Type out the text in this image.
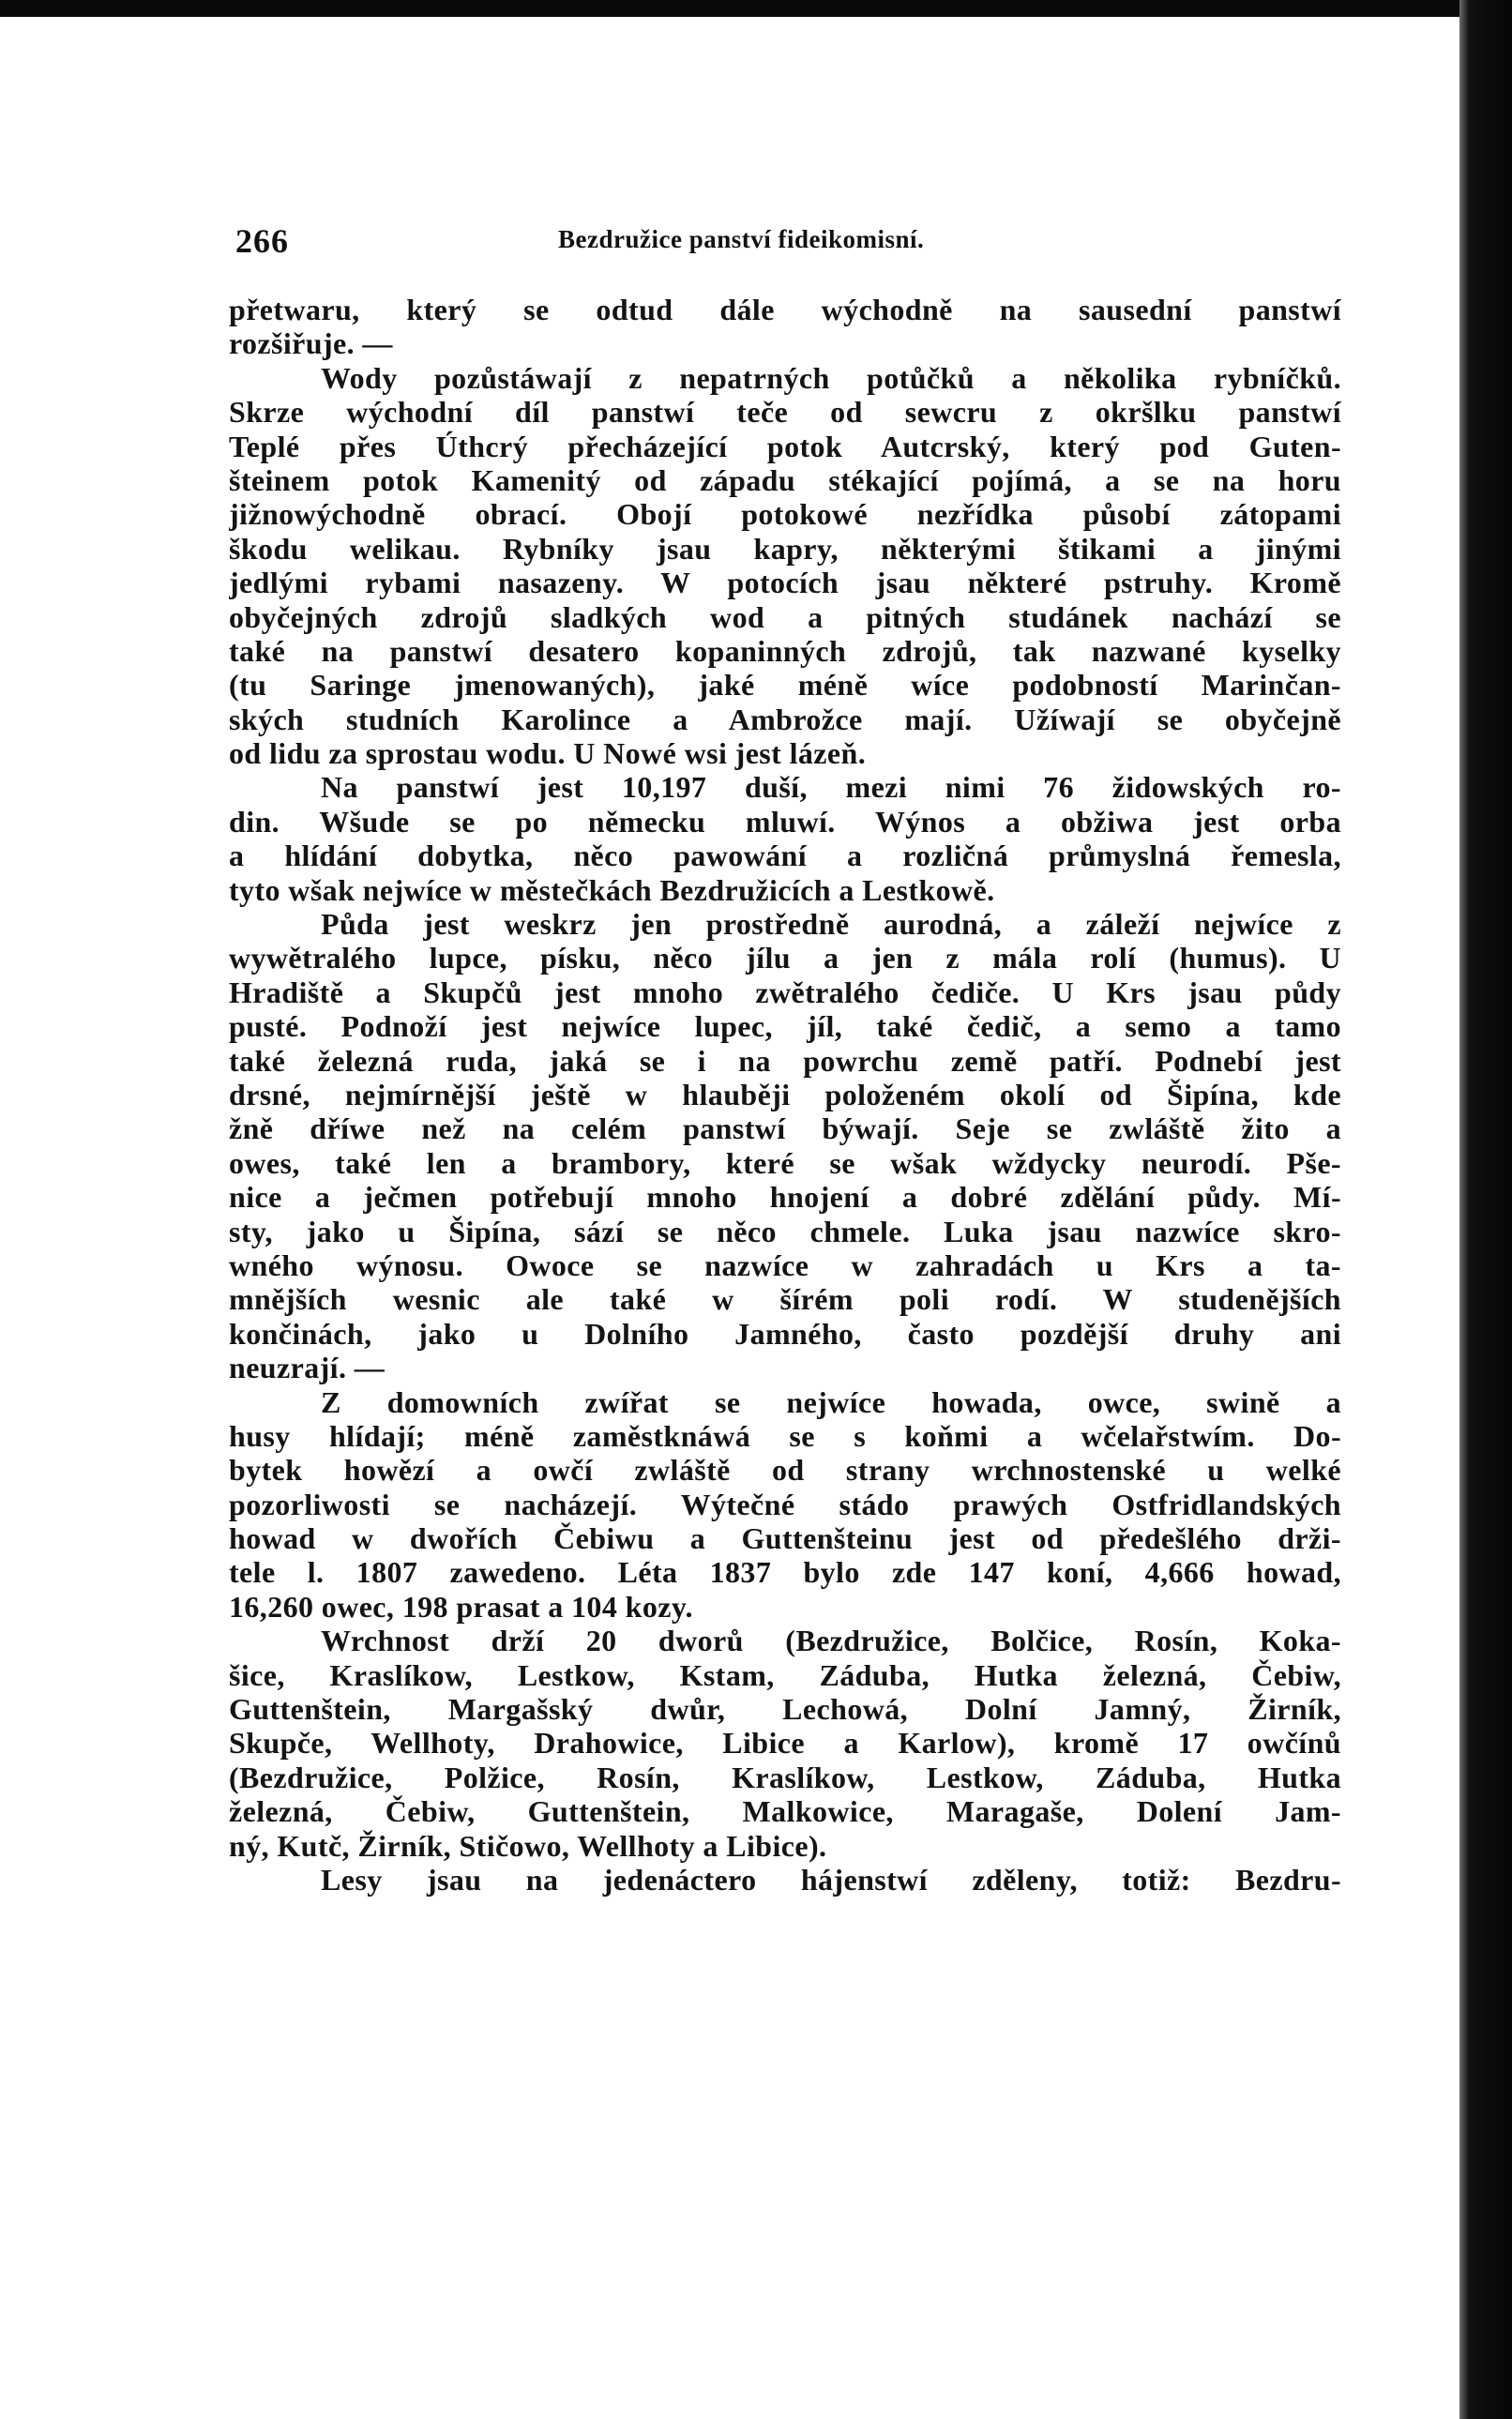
266	Bezdružice panství fideikomisní.
přetwaru, který se odtud dále wýchodně na sausední panstwí
rozšiřuje. —
Wody pozůstáwají z nepatrných potůčků a několika rybníčků.
Skrze wýchodní díl panstwí teče od sewcru z okršlku panstwí
Teplé přes Úthcrý přecházející potok Autcrský, který pod Guten-
šteinem potok Kamenitý od západu stékající pojímá, a se na horu
jižnowýchodně obrací. Obojí potokowé nezřídka působí zátopami
škodu welikau. Rybníky jsau kapry, některými štikami a jinými
jedlými rybami nasazeny. W potocích jsau některé pstruhy. Kromě
obyčejných zdrojů sladkých wod a pitných studánek nachází se
také na panstwí desatero kopaninných zdrojů, tak nazwané kyselky
(tu Saringe jmenowaných), jaké méně wíce podobností Marinčan-
ských studních Karolince a Ambrožce mají. Užíwají se obyčejně
od lidu za sprostau wodu. U Nowé wsi jest lázeň.
Na panstwí jest 10,197 duší, mezi nimi 76 židowských ro-
din. Wšude se po německu mluwí. Wýnos a obžiwa jest orba
a hlídání dobytka, něco pawowání a rozličná průmyslná řemesla,
tyto wšak nejwíce w městečkách Bezdružicích a Lestkowě.
Půda jest weskrz jen prostředně aurodná, a záleží nejwíce z
wywětralého lupce, písku, něco jílu a jen z mála rolí (humus). U
Hradiště a Skupčů jest mnoho zwětralého čediče. U Krs jsau půdy
pusté. Podnoží jest nejwíce lupec, jíl, také čedič, a semo a tamo
také železná ruda, jaká se i na powrchu země patří. Podnebí jest
drsné, nejmírnější ještě w hlauběji položeném okolí od Šipína, kde
žně dříwe než na celém panstwí býwají. Seje se zwláště žito a
owes, také len a brambory, které se wšak wždycky neurodí. Pše-
nice a ječmen potřebují mnoho hnojení a dobré zdělání půdy. Mí-
sty, jako u Šipína, sází se něco chmele. Luka jsau nazwíce skro-
wného wýnosu. Owoce se nazwíce w zahradách u Krs a ta-
mnějších wesnic ale také w šírém poli rodí. W studenějších
končinách, jako u Dolního Jamného, často pozdější druhy ani
neuzrají. —
Z domowních zwířat se nejwíce howada, owce, swině a
husy hlídají; méně zaměstknáwá se s koňmi a wčelařstwím. Do-
bytek howězí a owčí zwláště od strany wrchnostenské u welké
pozorliwosti se nacházejí. Wýtečné stádo prawých Ostfridlandských
howad w dwořích Čebiwu a Guttenšteinu jest od předešlého drži-
tele l. 1807 zawedeno. Léta 1837 bylo zde 147 koní, 4,666 howad,
16,260 owec, 198 prasat a 104 kozy.
Wrchnost drží 20 dworů (Bezdružice, Bolčice, Rosín, Koka-
šice, Kraslíkow, Lestkow, Kstam, Záduba, Hutka železná, Čebiw,
Guttenštein, Margašský dwůr, Lechowá, Dolní Jamný, Žirník,
Skupče, Wellhoty, Drahowice, Libice a Karlow), kromě 17 owčínů
(Bezdružice, Polžice, Rosín, Kraslíkow, Lestkow, Záduba, Hutka
železná, Čebiw, Guttenštein, Malkowice, Maragaše, Dolení Jam-
ný, Kutč, Žirník, Stičowo, Wellhoty a Libice).
Lesy jsau na jedenáctero hájenstwí zděleny, totiž: Bezdru-
